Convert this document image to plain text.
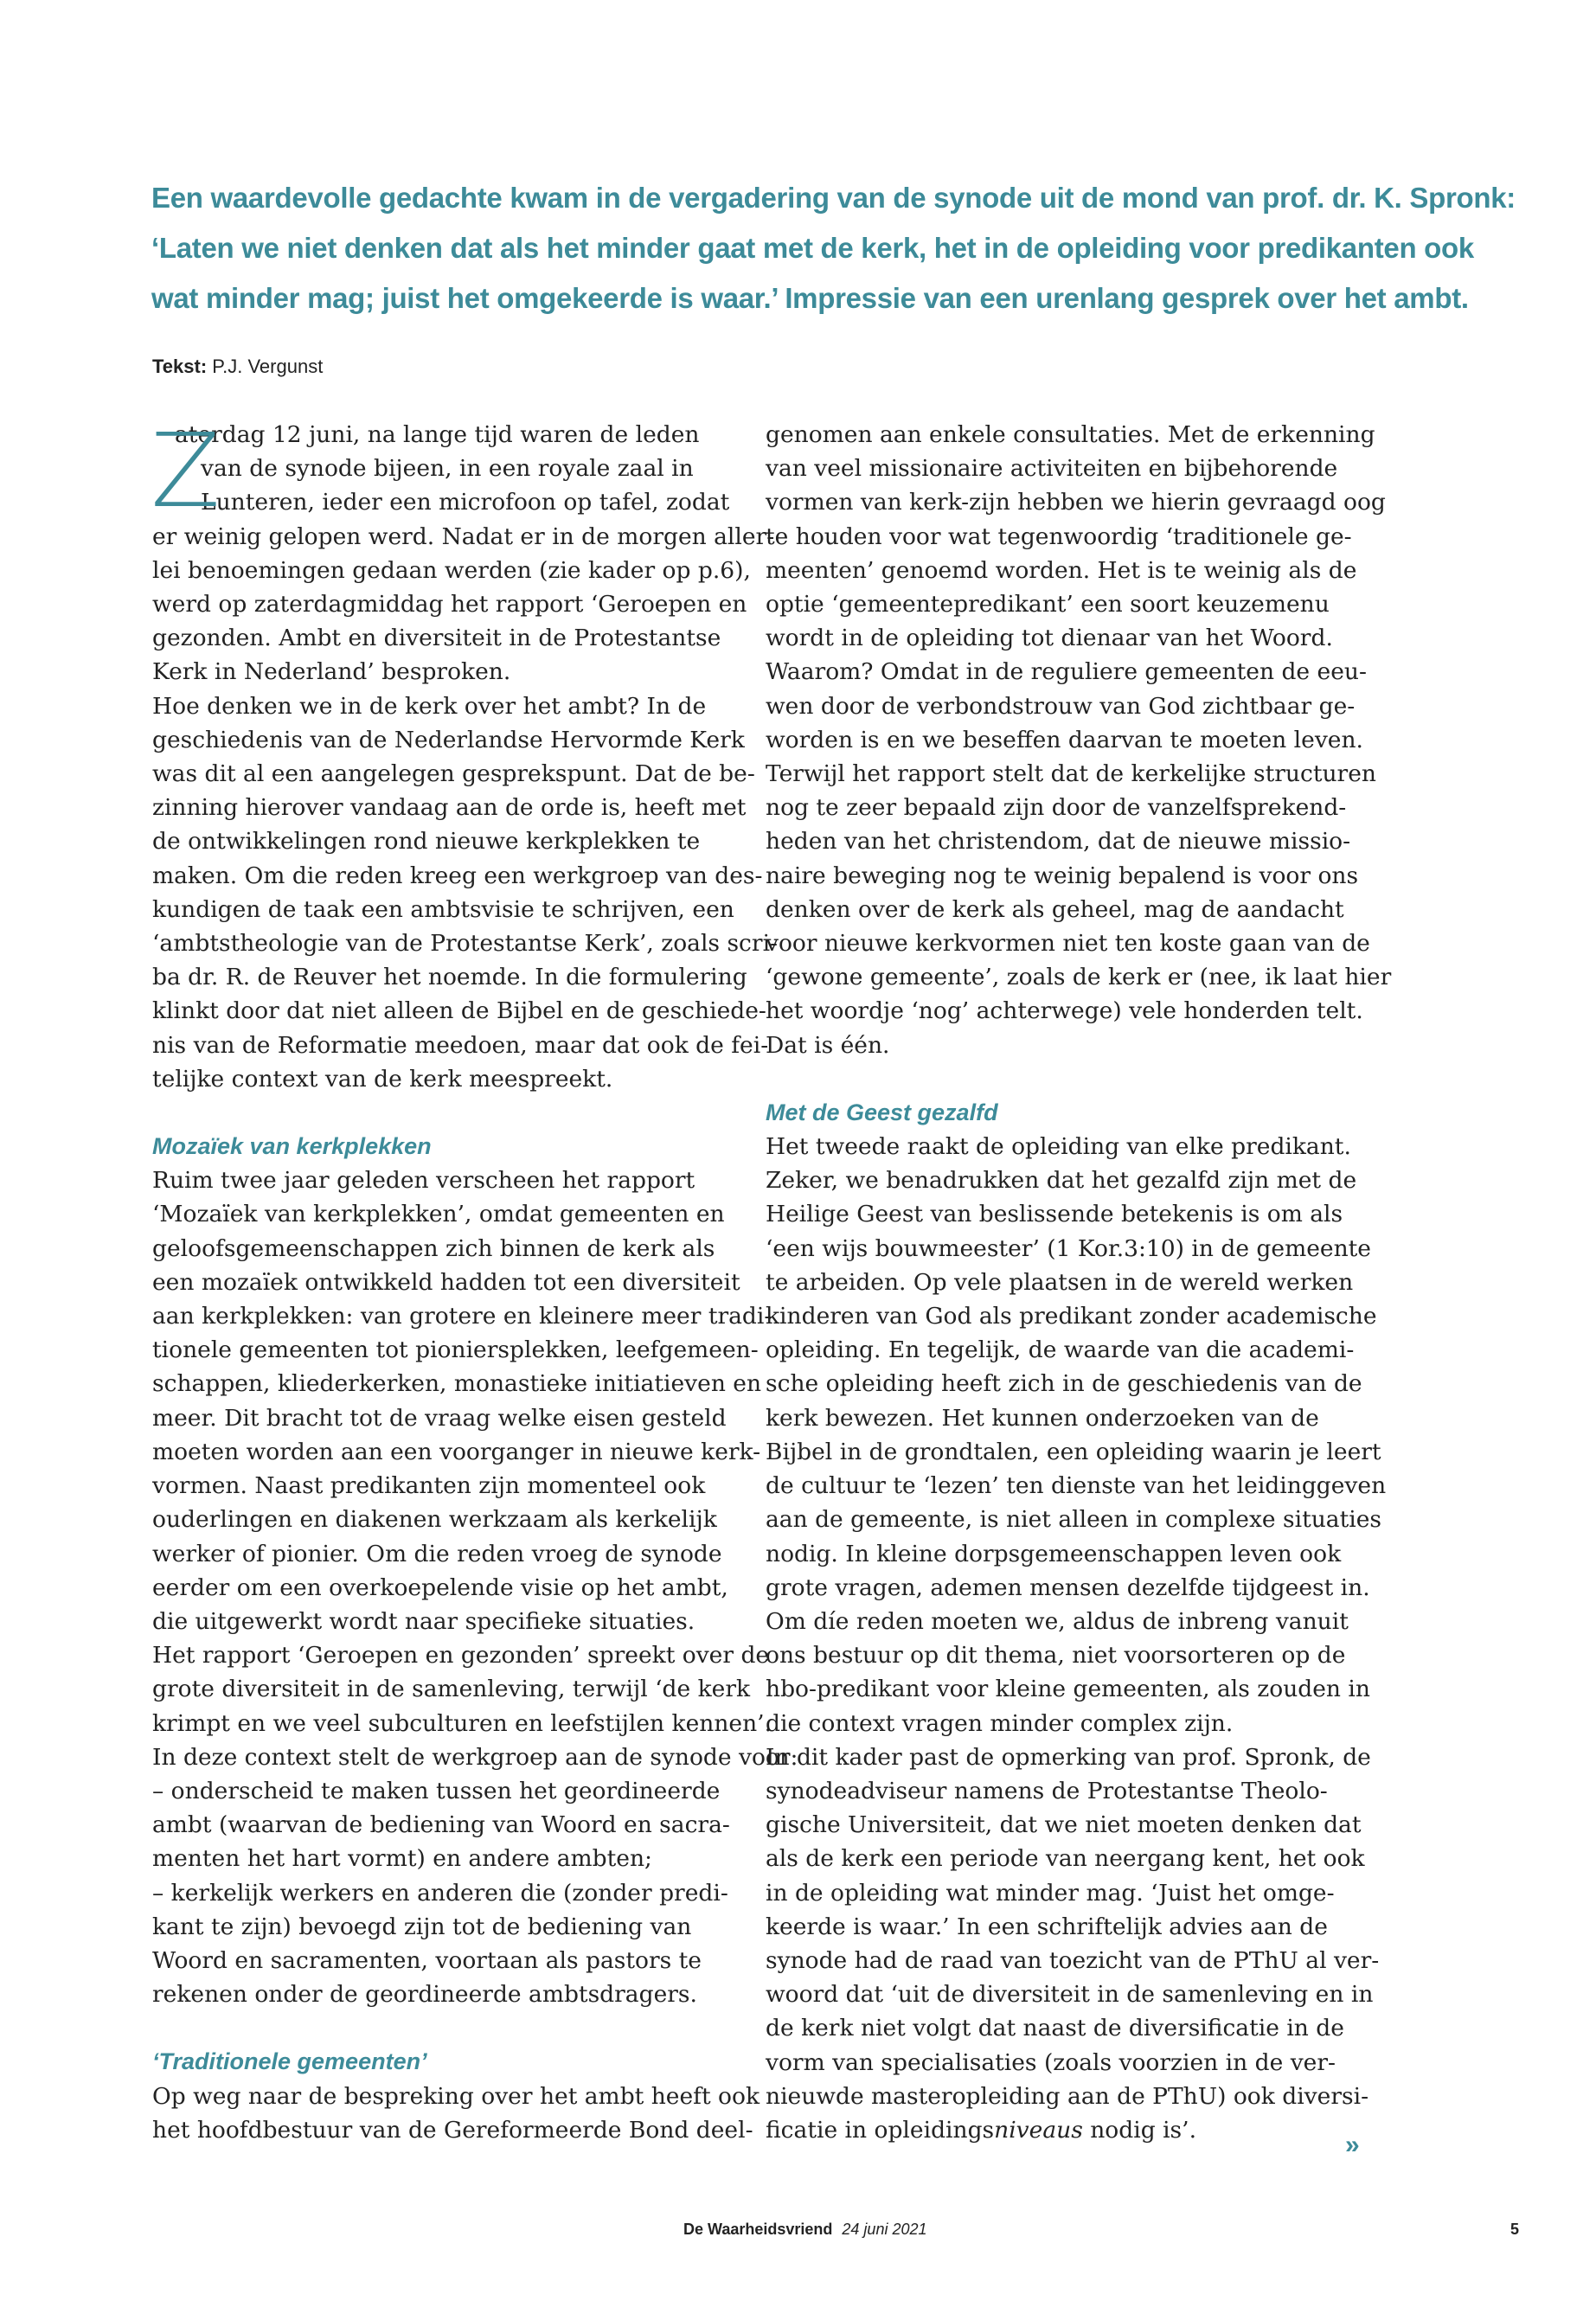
Een waardevolle gedachte kwam in de vergadering van de synode uit de mond van prof. dr. K. Spronk:

‘Laten we niet denken dat als het minder gaat met de kerk, het in de opleiding voor predikanten ook

wat minder mag; juist het omgekeerde is waar.’ Impressie van een urenlang gesprek over het ambt.

Tekst: P.J. Vergunst
Z

aterdag 12 juni, na lange tijd waren de leden

van de synode bijeen, in een royale zaal in

Lunteren, ieder een microfoon op tafel, zodat

er weinig gelopen werd. Nadat er in de morgen aller-

lei benoemingen gedaan werden (zie kader op p.6),

werd op zaterdagmiddag het rapport ‘Geroepen en

gezonden. Ambt en diversiteit in de Protestantse

Kerk in Nederland’ besproken.

Hoe denken we in de kerk over het ambt? In de

geschiedenis van de Nederlandse Hervormde Kerk

was dit al een aangelegen gesprekspunt. Dat de be-

zinning hierover vandaag aan de orde is, heeft met

de ontwikkelingen rond nieuwe kerkplekken te

maken. Om die reden kreeg een werkgroep van des-

kundigen de taak een ambtsvisie te schrijven, een

‘ambtstheologie van de Protestantse Kerk’, zoals scri-

ba dr. R. de Reuver het noemde. In die formulering

klinkt door dat niet alleen de Bijbel en de geschiede-

nis van de Reformatie meedoen, maar dat ook de fei-

telijke context van de kerk meespreekt.

Mozaïek van kerkplekken

Ruim twee jaar geleden verscheen het rapport

‘Mozaïek van kerkplekken’, omdat gemeenten en

geloofsgemeenschappen zich binnen de kerk als

een mozaïek ontwikkeld hadden tot een diversiteit

aan kerkplekken: van grotere en kleinere meer tradi-

tionele gemeenten tot pioniersplekken, leefgemeen-

schappen, kliederkerken, monastieke initiatieven en

meer. Dit bracht tot de vraag welke eisen gesteld

moeten worden aan een voorganger in nieuwe kerk-

vormen. Naast predikanten zijn momenteel ook

ouderlingen en diakenen werkzaam als kerkelijk

werker of pionier. Om die reden vroeg de synode

eerder om een overkoepelende visie op het ambt,

die uitgewerkt wordt naar specifieke situaties.

Het rapport ‘Geroepen en gezonden’ spreekt over de

grote diversiteit in de samenleving, terwijl ‘de kerk

krimpt en we veel subculturen en leefstijlen kennen’.

In deze context stelt de werkgroep aan de synode voor:

– onderscheid te maken tussen het geordineerde

ambt (waarvan de bediening van Woord en sacra-

menten het hart vormt) en andere ambten;

– kerkelijk werkers en anderen die (zonder predi-

kant te zijn) bevoegd zijn tot de bediening van

Woord en sacramenten, voortaan als pastors te

rekenen onder de geordineerde ambtsdragers.

‘Traditionele gemeenten’

Op weg naar de bespreking over het ambt heeft ook

het hoofdbestuur van de Gereformeerde Bond deel-

genomen aan enkele consultaties. Met de erkenning

van veel missionaire activiteiten en bijbehorende

vormen van kerk-zijn hebben we hierin gevraagd oog

te houden voor wat tegenwoordig ‘traditionele ge-

meenten’ genoemd worden. Het is te weinig als de

optie ‘gemeentepredikant’ een soort keuzemenu

wordt in de opleiding tot dienaar van het Woord.

Waarom? Omdat in de reguliere gemeenten de eeu-

wen door de verbondstrouw van God zichtbaar ge-

worden is en we beseffen daarvan te moeten leven.

Terwijl het rapport stelt dat de kerkelijke structuren

nog te zeer bepaald zijn door de vanzelfsprekend-

heden van het christendom, dat de nieuwe missio-

naire beweging nog te weinig bepalend is voor ons

denken over de kerk als geheel, mag de aandacht

voor nieuwe kerkvormen niet ten koste gaan van de

‘gewone gemeente’, zoals de kerk er (nee, ik laat hier

het woordje ‘nog’ achterwege) vele honderden telt.

Dat is één.

Met de Geest gezalfd

Het tweede raakt de opleiding van elke predikant.

Zeker, we benadrukken dat het gezalfd zijn met de

Heilige Geest van beslissende betekenis is om als

‘een wijs bouwmeester’ (1 Kor.3:10) in de gemeente

te arbeiden. Op vele plaatsen in de wereld werken

kinderen van God als predikant zonder academische

opleiding. En tegelijk, de waarde van die academi-

sche opleiding heeft zich in de geschiedenis van de

kerk bewezen. Het kunnen onderzoeken van de

Bijbel in de grondtalen, een opleiding waarin je leert

de cultuur te ‘lezen’ ten dienste van het leidinggeven

aan de gemeente, is niet alleen in complexe situaties

nodig. In kleine dorpsgemeenschappen leven ook

grote vragen, ademen mensen dezelfde tijdgeest in.

Om díe reden moeten we, aldus de inbreng vanuit

ons bestuur op dit thema, niet voorsorteren op de

hbo-predikant voor kleine gemeenten, als zouden in

die context vragen minder complex zijn.

In dit kader past de opmerking van prof. Spronk, de

synodeadviseur namens de Protestantse Theolo-

gische Universiteit, dat we niet moeten denken dat

als de kerk een periode van neergang kent, het ook

in de opleiding wat minder mag. ‘Juist het omge-

keerde is waar.’ In een schriftelijk advies aan de

synode had de raad van toezicht van de PThU al ver-

woord dat ‘uit de diversiteit in de samenleving en in

de kerk niet volgt dat naast de diversificatie in de

vorm van specialisaties (zoals voorzien in de ver-

nieuwde masteropleiding aan de PThU) ook diversi-

ficatie in opleidingsniveaus nodig is’.

»
De Waarheidsvriend 24 juni 2021	5
